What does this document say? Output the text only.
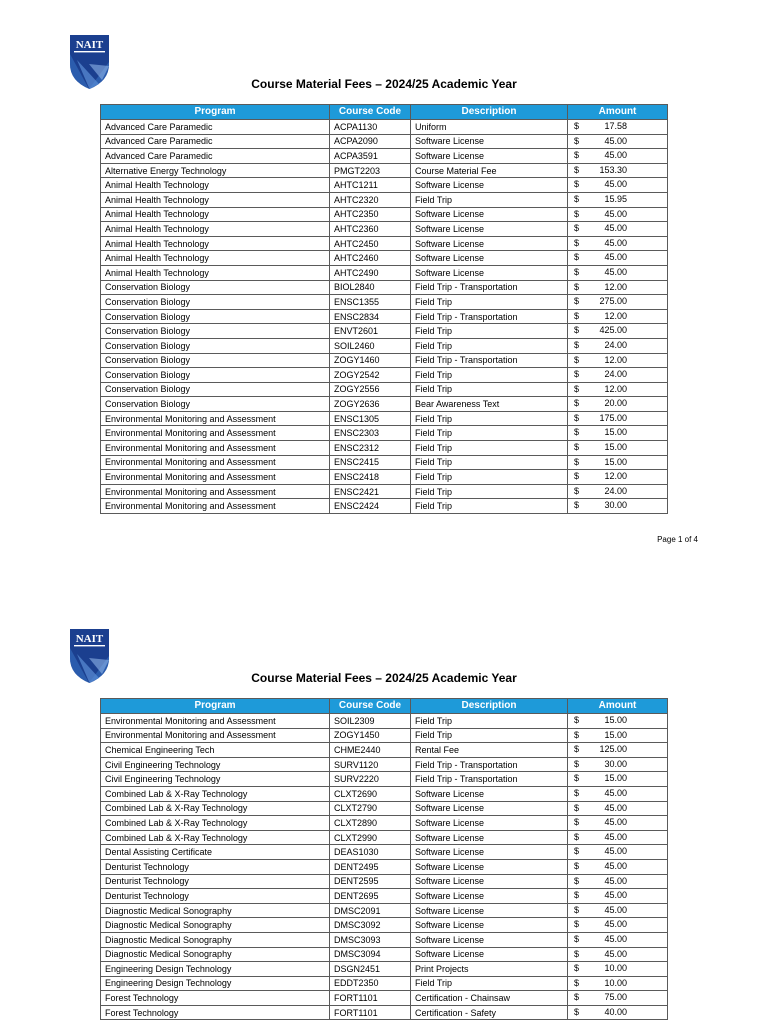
NAIT
Course Material Fees – 2024/25 Academic Year
Program	Course Code	Description	Amount
Advanced Care Paramedic	ACPA1130	Uniform	$ 17.58

Advanced Care Paramedic	ACPA2090	Software License	$ 45.00

Advanced Care Paramedic	ACPA3591	Software License	$ 45.00

Alternative Energy Technology	PMGT2203	Course Material Fee	$ 153.30

Animal Health Technology	AHTC1211	Software License	$ 45.00

Animal Health Technology	AHTC2320	Field Trip	$ 15.95

Animal Health Technology	AHTC2350	Software License	$ 45.00

Animal Health Technology	AHTC2360	Software License	$ 45.00

Animal Health Technology	AHTC2450	Software License	$ 45.00

Animal Health Technology	AHTC2460	Software License	$ 45.00

Animal Health Technology	AHTC2490	Software License	$ 45.00

Conservation Biology	BIOL2840	Field Trip - Transportation	$ 12.00

Conservation Biology	ENSC1355	Field Trip	$ 275.00

Conservation Biology	ENSC2834	Field Trip - Transportation	$ 12.00

Conservation Biology	ENVT2601	Field Trip	$ 425.00

Conservation Biology	SOIL2460	Field Trip	$ 24.00

Conservation Biology	ZOGY1460	Field Trip - Transportation	$ 12.00

Conservation Biology	ZOGY2542	Field Trip	$ 24.00

Conservation Biology	ZOGY2556	Field Trip	$ 12.00

Conservation Biology	ZOGY2636	Bear Awareness Text	$ 20.00

Environmental Monitoring and Assessment	ENSC1305	Field Trip	$ 175.00

Environmental Monitoring and Assessment	ENSC2303	Field Trip	$ 15.00

Environmental Monitoring and Assessment	ENSC2312	Field Trip	$ 15.00

Environmental Monitoring and Assessment	ENSC2415	Field Trip	$ 15.00

Environmental Monitoring and Assessment	ENSC2418	Field Trip	$ 12.00

Environmental Monitoring and Assessment	ENSC2421	Field Trip	$ 24.00

Environmental Monitoring and Assessment	ENSC2424	Field Trip	$ 30.00
Page 1 of 4
NAIT
Course Material Fees – 2024/25 Academic Year
Program	Course Code	Description	Amount
Environmental Monitoring and Assessment	SOIL2309	Field Trip	$ 15.00

Environmental Monitoring and Assessment	ZOGY1450	Field Trip	$ 15.00

Chemical Engineering Tech	CHME2440	Rental Fee	$ 125.00

Civil Engineering Technology	SURV1120	Field Trip - Transportation	$ 30.00

Civil Engineering Technology	SURV2220	Field Trip - Transportation	$ 15.00

Combined Lab & X-Ray Technology	CLXT2690	Software License	$ 45.00

Combined Lab & X-Ray Technology	CLXT2790	Software License	$ 45.00

Combined Lab & X-Ray Technology	CLXT2890	Software License	$ 45.00

Combined Lab & X-Ray Technology	CLXT2990	Software License	$ 45.00

Dental Assisting Certificate	DEAS1030	Software License	$ 45.00

Denturist Technology	DENT2495	Software License	$ 45.00

Denturist Technology	DENT2595	Software License	$ 45.00

Denturist Technology	DENT2695	Software License	$ 45.00

Diagnostic Medical Sonography	DMSC2091	Software License	$ 45.00

Diagnostic Medical Sonography	DMSC3092	Software License	$ 45.00

Diagnostic Medical Sonography	DMSC3093	Software License	$ 45.00

Diagnostic Medical Sonography	DMSC3094	Software License	$ 45.00

Engineering Design Technology	DSGN2451	Print Projects	$ 10.00

Engineering Design Technology	EDDT2350	Field Trip	$ 10.00

Forest Technology	FORT1101	Certification - Chainsaw	$ 75.00

Forest Technology	FORT1101	Certification - Safety	$ 40.00
